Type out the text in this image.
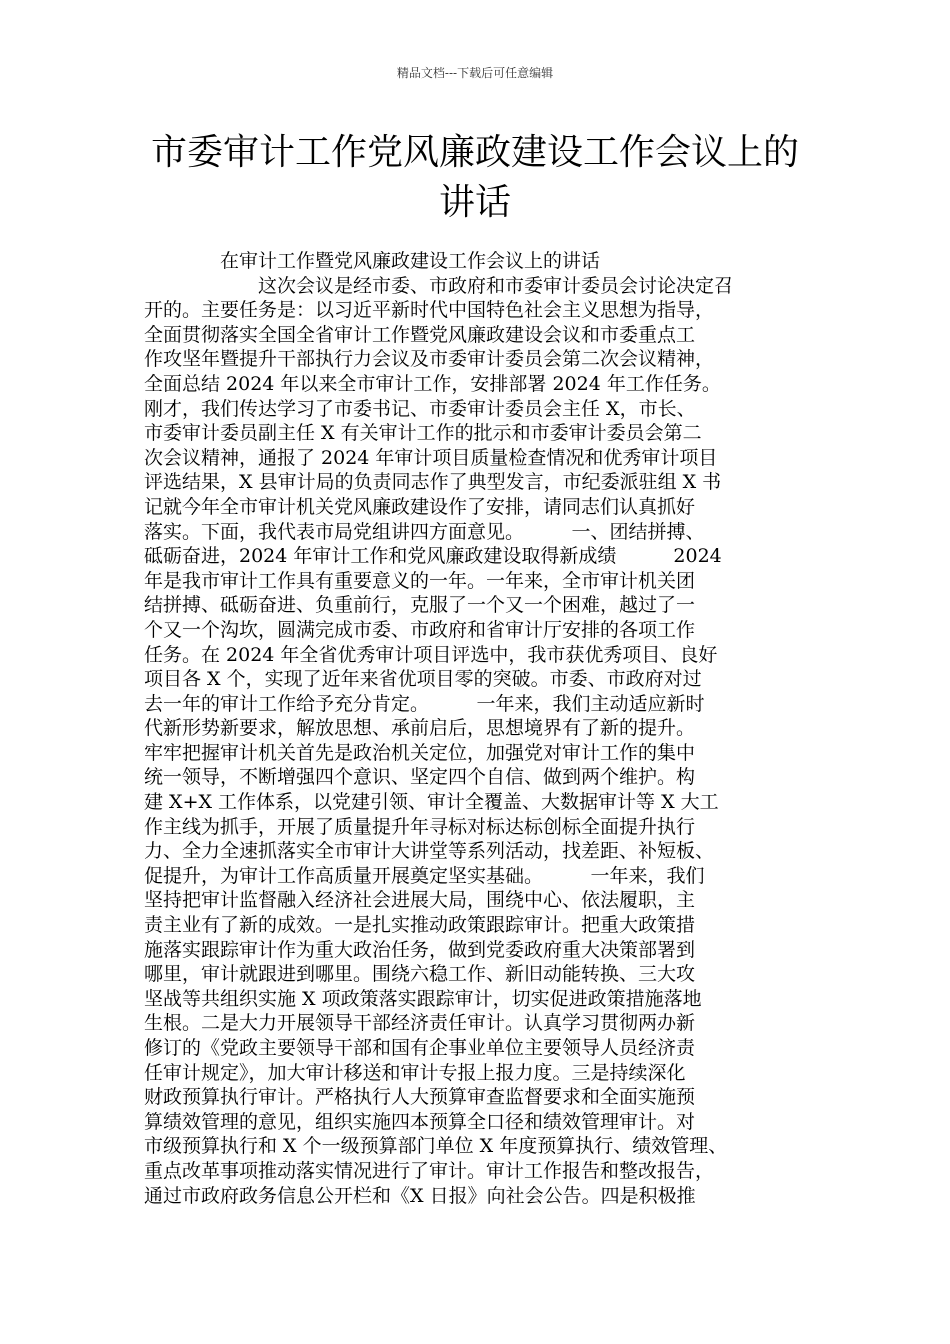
精品文档---下载后可任意编辑
市委审计工作党风廉政建设工作会议上的
讲话
　　　　在审计工作暨党风廉政建设工作会议上的讲话
　　　　　　这次会议是经市委、市政府和市委审计委员会讨论决定召
开的。主要任务是：以习近平新时代中国特色社会主义思想为指导，
全面贯彻落实全国全省审计工作暨党风廉政建设会议和市委重点工
作攻坚年暨提升干部执行力会议及市委审计委员会第二次会议精神，
全面总结 2024 年以来全市审计工作，安排部署 2024 年工作任务。
刚才，我们传达学习了市委书记、市委审计委员会主任 X，市长、
市委审计委员副主任 X 有关审计工作的批示和市委审计委员会第二
次会议精神，通报了 2024 年审计项目质量检查情况和优秀审计项目
评选结果，X 县审计局的负责同志作了典型发言，市纪委派驻组 X 书
记就今年全市审计机关党风廉政建设作了安排，请同志们认真抓好
落实。下面，我代表市局党组讲四方面意见。　　　一、团结拼搏、
砥砺奋进，2024 年审计工作和党风廉政建设取得新成绩　　　2024
年是我市审计工作具有重要意义的一年。一年来，全市审计机关团
结拼搏、砥砺奋进、负重前行，克服了一个又一个困难，越过了一
个又一个沟坎，圆满完成市委、市政府和省审计厅安排的各项工作
任务。在 2024 年全省优秀审计项目评选中，我市获优秀项目、良好
项目各 X 个，实现了近年来省优项目零的突破。市委、市政府对过
去一年的审计工作给予充分肯定。　　　一年来，我们主动适应新时
代新形势新要求，解放思想、承前启后，思想境界有了新的提升。
牢牢把握审计机关首先是政治机关定位，加强党对审计工作的集中
统一领导，不断增强四个意识、坚定四个自信、做到两个维护。构
建 X+X 工作体系，以党建引领、审计全覆盖、大数据审计等 X 大工
作主线为抓手，开展了质量提升年寻标对标达标创标全面提升执行
力、全力全速抓落实全市审计大讲堂等系列活动，找差距、补短板、
促提升，为审计工作高质量开展奠定坚实基础。　　　一年来，我们
坚持把审计监督融入经济社会进展大局，围绕中心、依法履职，主
责主业有了新的成效。一是扎实推动政策跟踪审计。把重大政策措
施落实跟踪审计作为重大政治任务，做到党委政府重大决策部署到
哪里，审计就跟进到哪里。围绕六稳工作、新旧动能转换、三大攻
坚战等共组织实施 X 项政策落实跟踪审计，切实促进政策措施落地
生根。二是大力开展领导干部经济责任审计。认真学习贯彻两办新
修订的《党政主要领导干部和国有企事业单位主要领导人员经济责
任审计规定》，加大审计移送和审计专报上报力度。三是持续深化
财政预算执行审计。严格执行人大预算审查监督要求和全面实施预
算绩效管理的意见，组织实施四本预算全口径和绩效管理审计。对
市级预算执行和 X 个一级预算部门单位 X 年度预算执行、绩效管理、
重点改革事项推动落实情况进行了审计。审计工作报告和整改报告，
通过市政府政务信息公开栏和《X 日报》向社会公告。四是积极推
